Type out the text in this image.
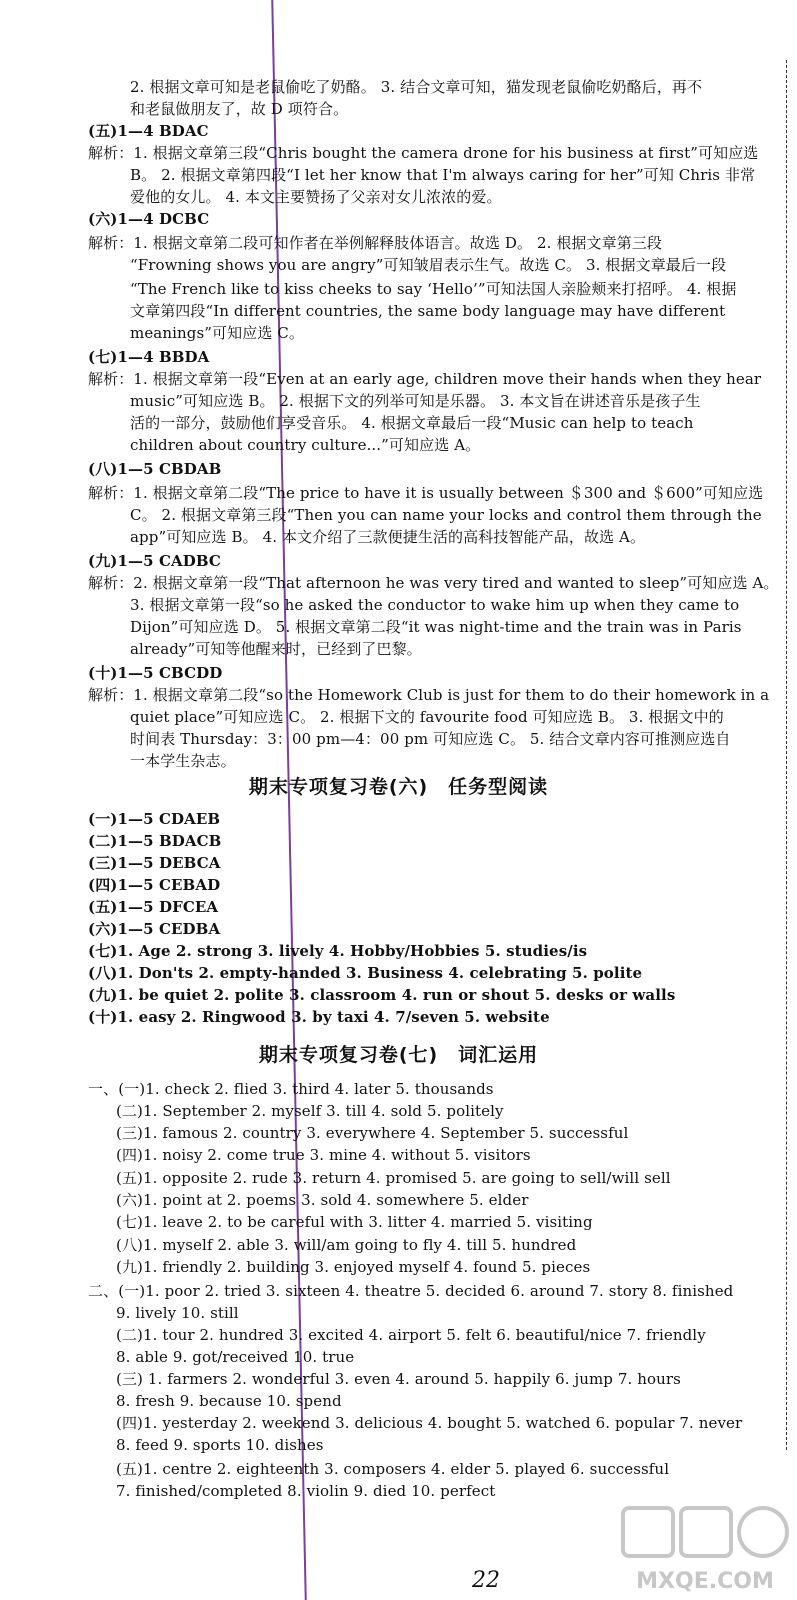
2. 根据文章可知是老鼠偷吃了奶酪。 3. 结合文章可知，猫发现老鼠偷吃奶酪后，再不
和老鼠做朋友了，故 D 项符合。
(五)1—4 BDAC
解析：1. 根据文章第三段“Chris bought the camera drone for his business at first”可知应选
B。 2. 根据文章第四段“I let her know that I'm always caring for her”可知 Chris 非常
爱他的女儿。 4. 本文主要赞扬了父亲对女儿浓浓的爱。
(六)1—4 DCBC
解析：1. 根据文章第二段可知作者在举例解释肢体语言。故选 D。 2. 根据文章第三段
“Frowning shows you are angry”可知皱眉表示生气。故选 C。 3. 根据文章最后一段
“The French like to kiss cheeks to say ‘Hello’”可知法国人亲脸颊来打招呼。 4. 根据
文章第四段“In different countries, the same body language may have different
meanings”可知应选 C。
(七)1—4 BBDA
解析：1. 根据文章第一段“Even at an early age, children move their hands when they hear
music”可知应选 B。 2. 根据下文的列举可知是乐器。 3. 本文旨在讲述音乐是孩子生
活的一部分，鼓励他们享受音乐。 4. 根据文章最后一段“Music can help to teach
children about country culture...”可知应选 A。
(八)1—5 CBDAB
解析：1. 根据文章第二段“The price to have it is usually between ＄300 and ＄600”可知应选
C。 2. 根据文章第三段“Then you can name your locks and control them through the
app”可知应选 B。 4. 本文介绍了三款便捷生活的高科技智能产品，故选 A。
(九)1—5 CADBC
解析：2. 根据文章第一段“That afternoon he was very tired and wanted to sleep”可知应选 A。
3. 根据文章第一段“so he asked the conductor to wake him up when they came to
Dijon”可知应选 D。 5. 根据文章第二段“it was night-time and the train was in Paris
already”可知等他醒来时，已经到了巴黎。
(十)1—5 CBCDD
解析：1. 根据文章第二段“so the Homework Club is just for them to do their homework in a
quiet place”可知应选 C。 2. 根据下文的 favourite food 可知应选 B。 3. 根据文中的
时间表 Thursday：3：00 pm—4：00 pm 可知应选 C。 5. 结合文章内容可推测应选自
一本学生杂志。
期末专项复习卷(六)　任务型阅读
(一)1—5 CDAEB
(二)1—5 BDACB
(三)1—5 DEBCA
(四)1—5 CEBAD
(五)1—5 DFCEA
(六)1—5 CEDBA
(七)1. Age 2. strong 3. lively 4. Hobby/Hobbies 5. studies/is
(八)1. Don'ts 2. empty-handed 3. Business 4. celebrating 5. polite
(九)1. be quiet 2. polite 3. classroom 4. run or shout 5. desks or walls
(十)1. easy 2. Ringwood 3. by taxi 4. 7/seven 5. website
期末专项复习卷(七)　词汇运用
一、(一)1. check 2. flied 3. third 4. later 5. thousands
(二)1. September 2. myself 3. till 4. sold 5. politely
(三)1. famous 2. country 3. everywhere 4. September 5. successful
(四)1. noisy 2. come true 3. mine 4. without 5. visitors
(五)1. opposite 2. rude 3. return 4. promised 5. are going to sell/will sell
(六)1. point at 2. poems 3. sold 4. somewhere 5. elder
(七)1. leave 2. to be careful with 3. litter 4. married 5. visiting
(八)1. myself 2. able 3. will/am going to fly 4. till 5. hundred
(九)1. friendly 2. building 3. enjoyed myself 4. found 5. pieces
二、(一)1. poor 2. tried 3. sixteen 4. theatre 5. decided 6. around 7. story 8. finished
9. lively 10. still
(二)1. tour 2. hundred 3. excited 4. airport 5. felt 6. beautiful/nice 7. friendly
8. able 9. got/received 10. true
(三) 1. farmers 2. wonderful 3. even 4. around 5. happily 6. jump 7. hours
8. fresh 9. because 10. spend
(四)1. yesterday 2. weekend 3. delicious 4. bought 5. watched 6. popular 7. never
8. feed 9. sports 10. dishes
(五)1. centre 2. eighteenth 3. composers 4. elder 5. played 6. successful
7. finished/completed 8. violin 9. died 10. perfect
22	MXQE.COM
